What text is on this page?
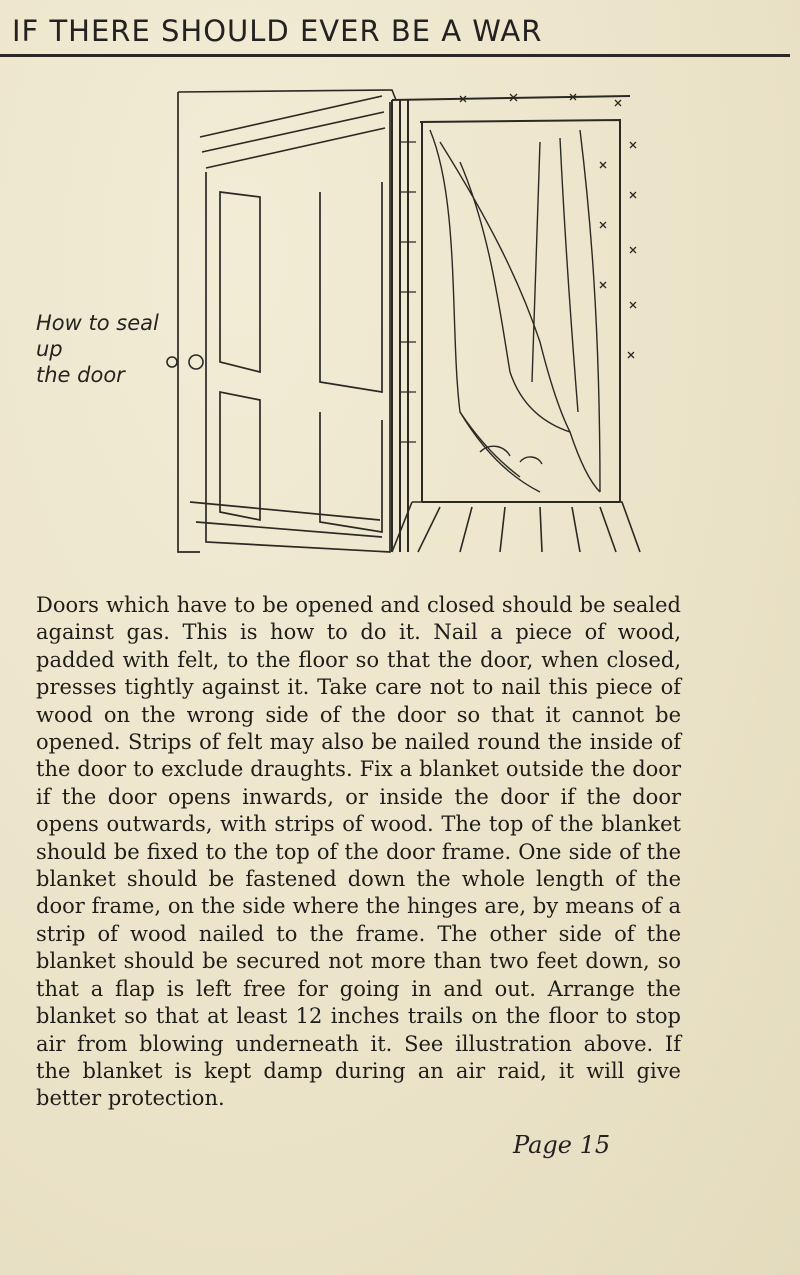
IF THERE SHOULD EVER BE A WAR
How to seal up
the door

Doors which have to be opened and closed should be sealed against gas. This is how to do it. Nail a piece of wood, padded with felt, to the floor so that the door, when closed, presses tightly against it. Take care not to nail this piece of wood on the wrong side of the door so that it cannot be opened. Strips of felt may also be nailed round the inside of the door to exclude draughts. Fix a blanket outside the door if the door opens inwards, or inside the door if the door opens outwards, with strips of wood. The top of the blanket should be fixed to the top of the door frame. One side of the blanket should be fastened down the whole length of the door frame, on the side where the hinges are, by means of a strip of wood nailed to the frame. The other side of the blanket should be secured not more than two feet down, so that a flap is left free for going in and out. Arrange the blanket so that at least 12 inches trails on the floor to stop air from blowing underneath it. See illustration above. If the blanket is kept damp during an air raid, it will give better protection.

Page 15
